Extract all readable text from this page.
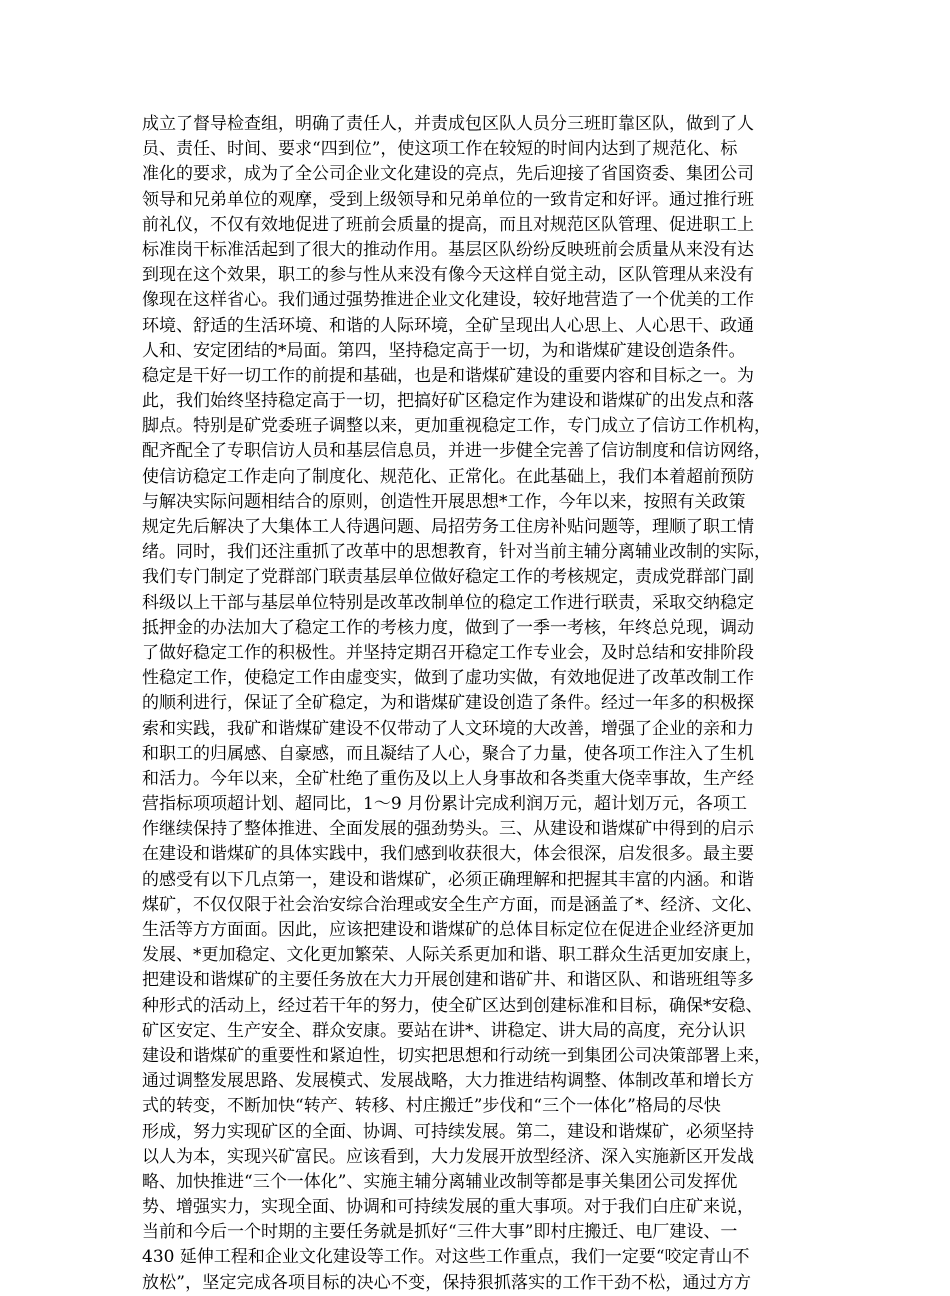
成立了督导检查组，明确了责任人，并责成包区队人员分三班盯靠区队，做到了人
员、责任、时间、要求“四到位”，使这项工作在较短的时间内达到了规范化、标
准化的要求，成为了全公司企业文化建设的亮点，先后迎接了省国资委、集团公司
领导和兄弟单位的观摩，受到上级领导和兄弟单位的一致肯定和好评。通过推行班
前礼仪，不仅有效地促进了班前会质量的提高，而且对规范区队管理、促进职工上
标准岗干标准活起到了很大的推动作用。基层区队纷纷反映班前会质量从来没有达
到现在这个效果，职工的参与性从来没有像今天这样自觉主动，区队管理从来没有
像现在这样省心。我们通过强势推进企业文化建设，较好地营造了一个优美的工作
环境、舒适的生活环境、和谐的人际环境，全矿呈现出人心思上、人心思干、政通
人和、安定团结的*局面。第四，坚持稳定高于一切，为和谐煤矿建设创造条件。
稳定是干好一切工作的前提和基础，也是和谐煤矿建设的重要内容和目标之一。为
此，我们始终坚持稳定高于一切，把搞好矿区稳定作为建设和谐煤矿的出发点和落
脚点。特别是矿党委班子调整以来，更加重视稳定工作，专门成立了信访工作机构，
配齐配全了专职信访人员和基层信息员，并进一步健全完善了信访制度和信访网络，
使信访稳定工作走向了制度化、规范化、正常化。在此基础上，我们本着超前预防
与解决实际问题相结合的原则，创造性开展思想*工作，今年以来，按照有关政策
规定先后解决了大集体工人待遇问题、局招劳务工住房补贴问题等，理顺了职工情
绪。同时，我们还注重抓了改革中的思想教育，针对当前主辅分离辅业改制的实际，
我们专门制定了党群部门联责基层单位做好稳定工作的考核规定，责成党群部门副
科级以上干部与基层单位特别是改革改制单位的稳定工作进行联责，采取交纳稳定
抵押金的办法加大了稳定工作的考核力度，做到了一季一考核，年终总兑现，调动
了做好稳定工作的积极性。并坚持定期召开稳定工作专业会，及时总结和安排阶段
性稳定工作，使稳定工作由虚变实，做到了虚功实做，有效地促进了改革改制工作
的顺利进行，保证了全矿稳定，为和谐煤矿建设创造了条件。经过一年多的积极探
索和实践，我矿和谐煤矿建设不仅带动了人文环境的大改善，增强了企业的亲和力
和职工的归属感、自豪感，而且凝结了人心，聚合了力量，使各项工作注入了生机
和活力。今年以来，全矿杜绝了重伤及以上人身事故和各类重大侥幸事故，生产经
营指标项项超计划、超同比，1～9 月份累计完成利润万元，超计划万元，各项工
作继续保持了整体推进、全面发展的强劲势头。三、从建设和谐煤矿中得到的启示
在建设和谐煤矿的具体实践中，我们感到收获很大，体会很深，启发很多。最主要
的感受有以下几点第一，建设和谐煤矿，必须正确理解和把握其丰富的内涵。和谐
煤矿，不仅仅限于社会治安综合治理或安全生产方面，而是涵盖了*、经济、文化、
生活等方方面面。因此，应该把建设和谐煤矿的总体目标定位在促进企业经济更加
发展、*更加稳定、文化更加繁荣、人际关系更加和谐、职工群众生活更加安康上，
把建设和谐煤矿的主要任务放在大力开展创建和谐矿井、和谐区队、和谐班组等多
种形式的活动上，经过若干年的努力，使全矿区达到创建标准和目标，确保*安稳、
矿区安定、生产安全、群众安康。要站在讲*、讲稳定、讲大局的高度，充分认识
建设和谐煤矿的重要性和紧迫性，切实把思想和行动统一到集团公司决策部署上来，
通过调整发展思路、发展模式、发展战略，大力推进结构调整、体制改革和增长方
式的转变，不断加快“转产、转移、村庄搬迁”步伐和“三个一体化”格局的尽快
形成，努力实现矿区的全面、协调、可持续发展。第二，建设和谐煤矿，必须坚持
以人为本，实现兴矿富民。应该看到，大力发展开放型经济、深入实施新区开发战
略、加快推进“三个一体化”、实施主辅分离辅业改制等都是事关集团公司发挥优
势、增强实力，实现全面、协调和可持续发展的重大事项。对于我们白庄矿来说，
当前和今后一个时期的主要任务就是抓好“三件大事”即村庄搬迁、电厂建设、一
430 延伸工程和企业文化建设等工作。对这些工作重点，我们一定要“咬定青山不
放松”，坚定完成各项目标的决心不变，保持狠抓落实的工作干劲不松，通过方方
